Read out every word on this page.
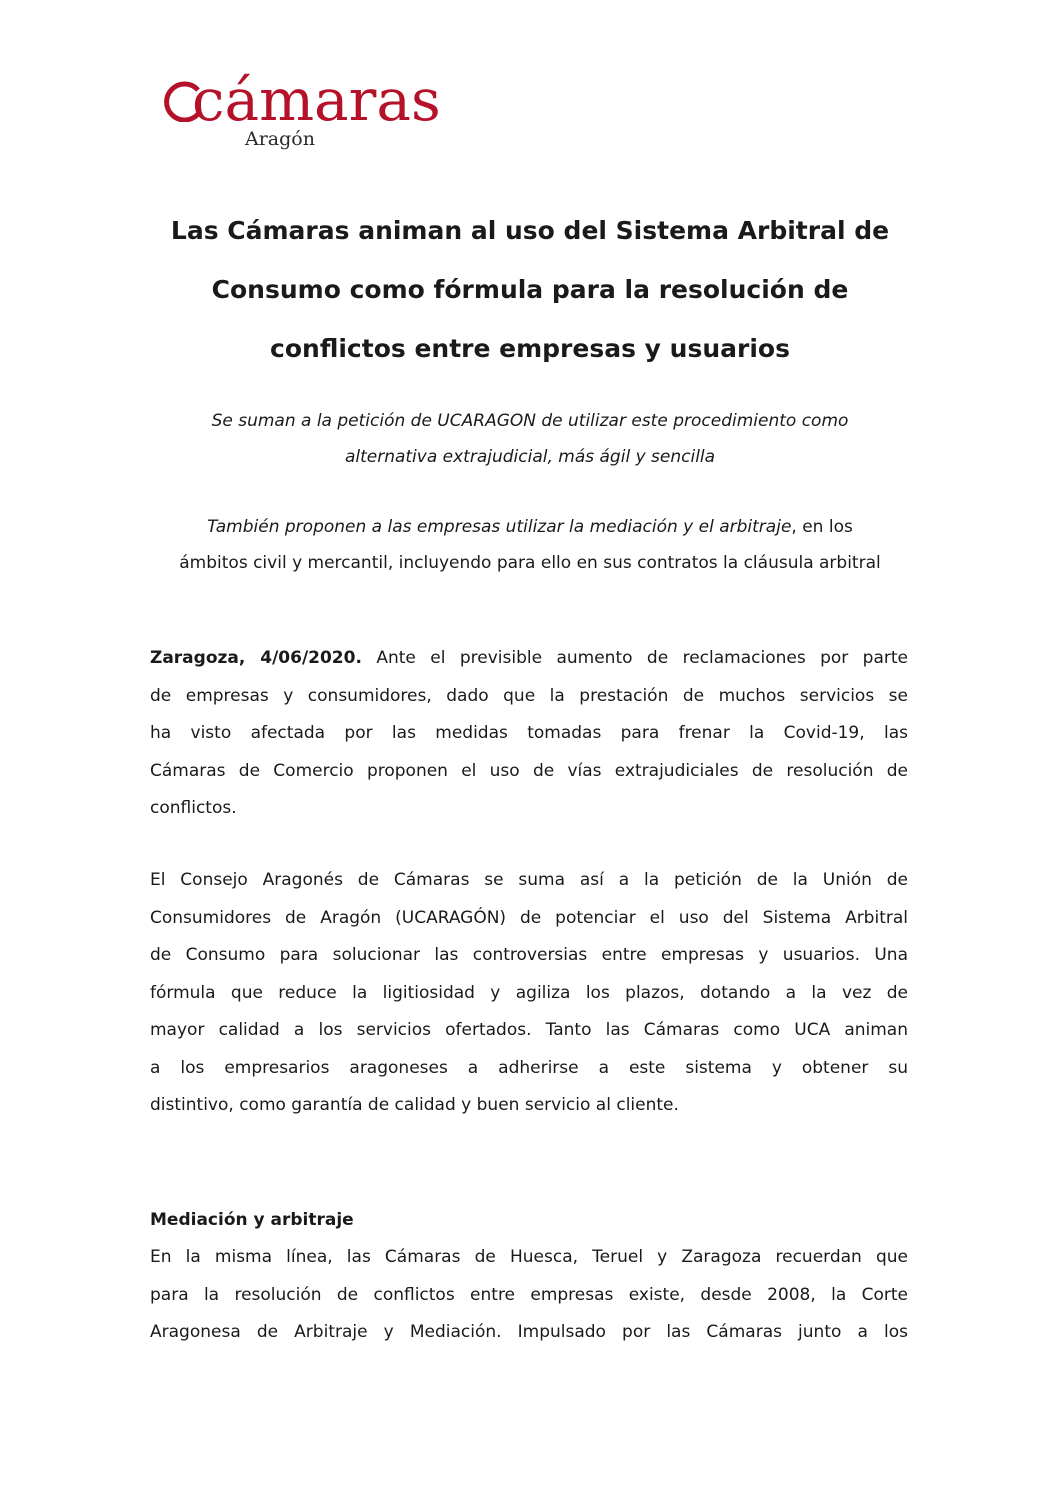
cámaras
Aragón
Las Cámaras animan al uso del Sistema Arbitral de
Consumo como fórmula para la resolución de
conflictos entre empresas y usuarios
Se suman a la petición de UCARAGON de utilizar este procedimiento como
alternativa extrajudicial, más ágil y sencilla
También proponen a las empresas utilizar la mediación y el arbitraje, en los
ámbitos civil y mercantil, incluyendo para ello en sus contratos la cláusula arbitral
Zaragoza, 4/06/2020. Ante el previsible aumento de reclamaciones por parte
de empresas y consumidores, dado que la prestación de muchos servicios se
ha visto afectada por las medidas tomadas para frenar la Covid-19, las
Cámaras de Comercio proponen el uso de vías extrajudiciales de resolución de
conflictos.
El Consejo Aragonés de Cámaras se suma así a la petición de la Unión de
Consumidores de Aragón (UCARAGÓN) de potenciar el uso del Sistema Arbitral
de Consumo para solucionar las controversias entre empresas y usuarios. Una
fórmula que reduce la ligitiosidad y agiliza los plazos, dotando a la vez de
mayor calidad a los servicios ofertados. Tanto las Cámaras como UCA animan
a los empresarios aragoneses a adherirse a este sistema y obtener su
distintivo, como garantía de calidad y buen servicio al cliente.
Mediación y arbitraje
En la misma línea, las Cámaras de Huesca, Teruel y Zaragoza recuerdan que
para la resolución de conflictos entre empresas existe, desde 2008, la Corte
Aragonesa de Arbitraje y Mediación. Impulsado por las Cámaras junto a los
